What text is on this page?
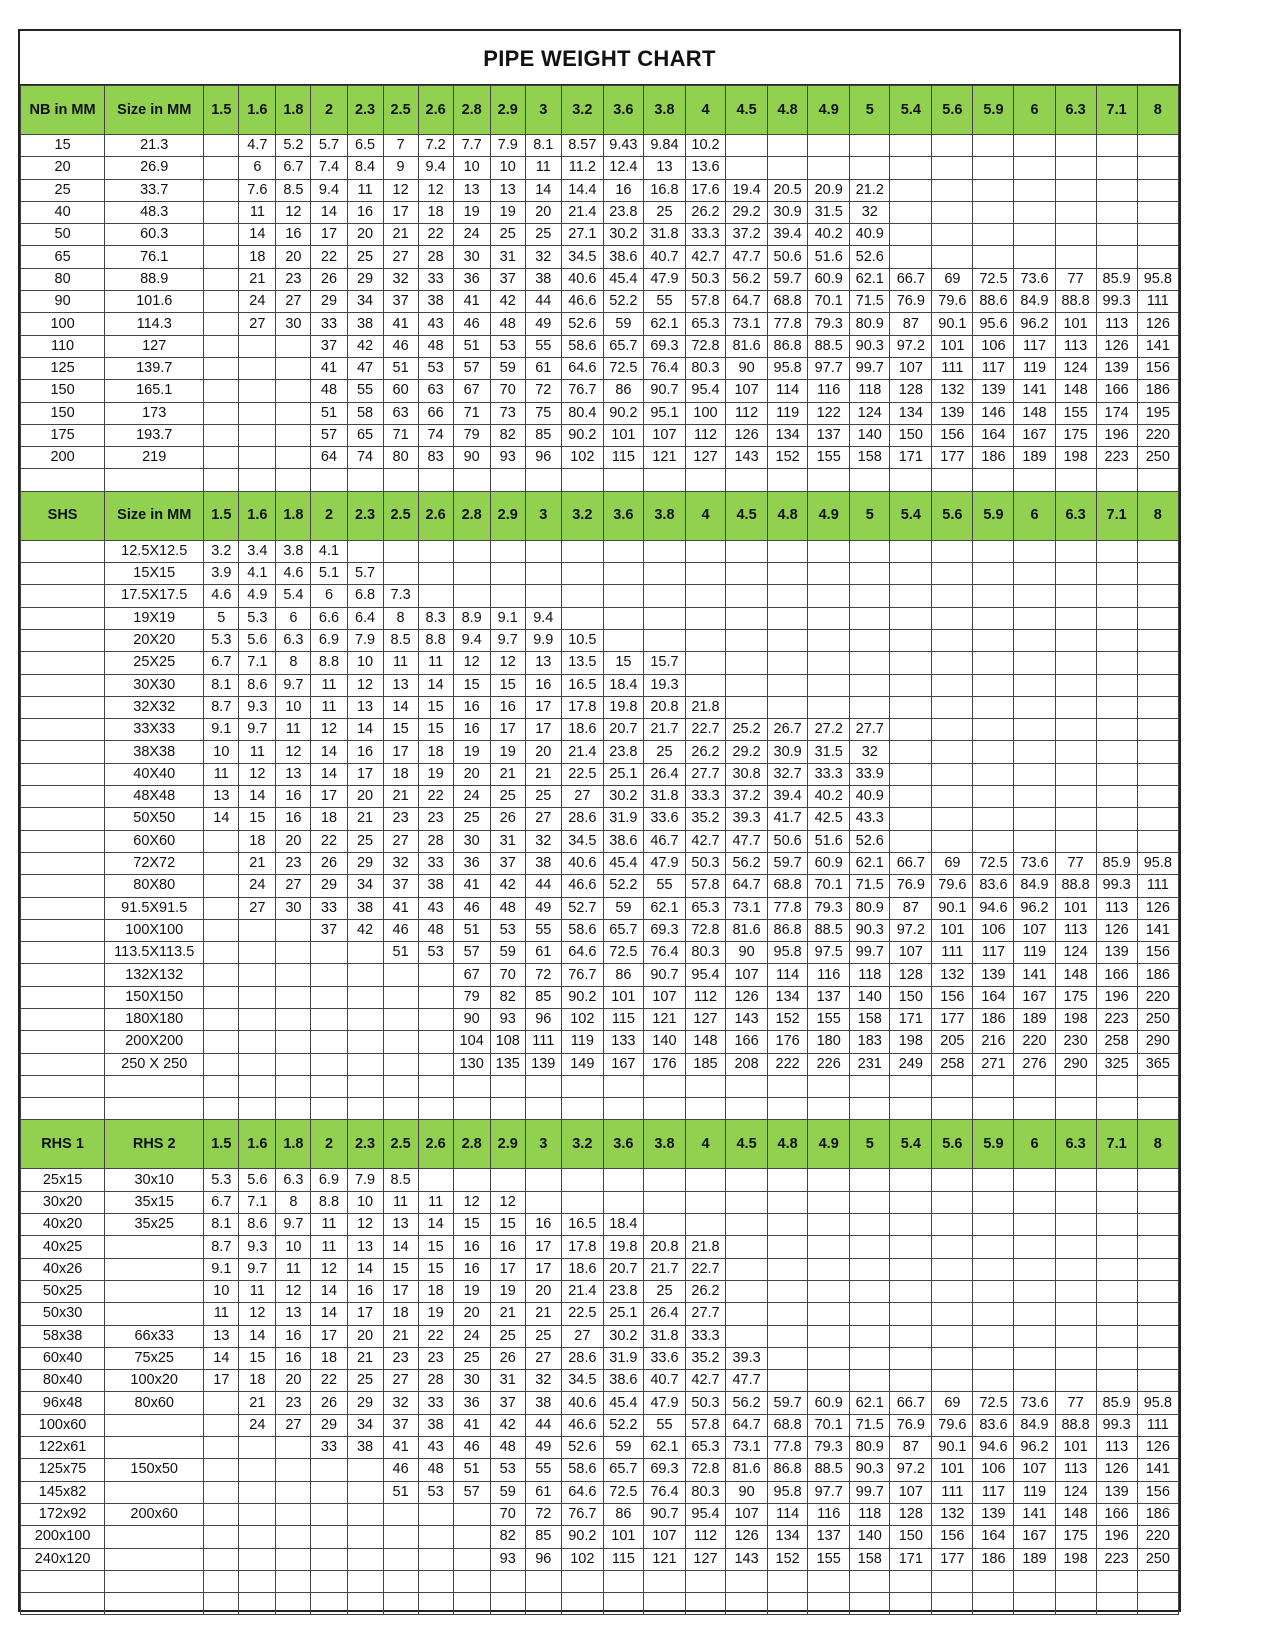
PIPE WEIGHT CHART
NB in MM	Size in MM	1.5	1.6	1.8	2	2.3	2.5	2.6	2.8	2.9	3	3.2	3.6	3.8	4	4.5	4.8	4.9	5	5.4	5.6	5.9	6	6.3	7.1	8
15	21.3		4.7	5.2	5.7	6.5	7	7.2	7.7	7.9	8.1	8.57	9.43	9.84	10.2											
20	26.9		6	6.7	7.4	8.4	9	9.4	10	10	11	11.2	12.4	13	13.6											
25	33.7		7.6	8.5	9.4	11	12	12	13	13	14	14.4	16	16.8	17.6	19.4	20.5	20.9	21.2							
40	48.3		11	12	14	16	17	18	19	19	20	21.4	23.8	25	26.2	29.2	30.9	31.5	32							
50	60.3		14	16	17	20	21	22	24	25	25	27.1	30.2	31.8	33.3	37.2	39.4	40.2	40.9							
65	76.1		18	20	22	25	27	28	30	31	32	34.5	38.6	40.7	42.7	47.7	50.6	51.6	52.6							
80	88.9		21	23	26	29	32	33	36	37	38	40.6	45.4	47.9	50.3	56.2	59.7	60.9	62.1	66.7	69	72.5	73.6	77	85.9	95.8
90	101.6		24	27	29	34	37	38	41	42	44	46.6	52.2	55	57.8	64.7	68.8	70.1	71.5	76.9	79.6	88.6	84.9	88.8	99.3	111
100	114.3		27	30	33	38	41	43	46	48	49	52.6	59	62.1	65.3	73.1	77.8	79.3	80.9	87	90.1	95.6	96.2	101	113	126
110	127				37	42	46	48	51	53	55	58.6	65.7	69.3	72.8	81.6	86.8	88.5	90.3	97.2	101	106	117	113	126	141
125	139.7				41	47	51	53	57	59	61	64.6	72.5	76.4	80.3	90	95.8	97.7	99.7	107	111	117	119	124	139	156
150	165.1				48	55	60	63	67	70	72	76.7	86	90.7	95.4	107	114	116	118	128	132	139	141	148	166	186
150	173				51	58	63	66	71	73	75	80.4	90.2	95.1	100	112	119	122	124	134	139	146	148	155	174	195
175	193.7				57	65	71	74	79	82	85	90.2	101	107	112	126	134	137	140	150	156	164	167	175	196	220
200	219				64	74	80	83	90	93	96	102	115	121	127	143	152	155	158	171	177	186	189	198	223	250

SHS	Size in MM	1.5	1.6	1.8	2	2.3	2.5	2.6	2.8	2.9	3	3.2	3.6	3.8	4	4.5	4.8	4.9	5	5.4	5.6	5.9	6	6.3	7.1	8
	12.5X12.5	3.2	3.4	3.8	4.1																					
	15X15	3.9	4.1	4.6	5.1	5.7																				
	17.5X17.5	4.6	4.9	5.4	6	6.8	7.3																			
	19X19	5	5.3	6	6.6	6.4	8	8.3	8.9	9.1	9.4															
	20X20	5.3	5.6	6.3	6.9	7.9	8.5	8.8	9.4	9.7	9.9	10.5														
	25X25	6.7	7.1	8	8.8	10	11	11	12	12	13	13.5	15	15.7												
	30X30	8.1	8.6	9.7	11	12	13	14	15	15	16	16.5	18.4	19.3												
	32X32	8.7	9.3	10	11	13	14	15	16	16	17	17.8	19.8	20.8	21.8											
	33X33	9.1	9.7	11	12	14	15	15	16	17	17	18.6	20.7	21.7	22.7	25.2	26.7	27.2	27.7							
	38X38	10	11	12	14	16	17	18	19	19	20	21.4	23.8	25	26.2	29.2	30.9	31.5	32							
	40X40	11	12	13	14	17	18	19	20	21	21	22.5	25.1	26.4	27.7	30.8	32.7	33.3	33.9							
	48X48	13	14	16	17	20	21	22	24	25	25	27	30.2	31.8	33.3	37.2	39.4	40.2	40.9							
	50X50	14	15	16	18	21	23	23	25	26	27	28.6	31.9	33.6	35.2	39.3	41.7	42.5	43.3							
	60X60		18	20	22	25	27	28	30	31	32	34.5	38.6	46.7	42.7	47.7	50.6	51.6	52.6							
	72X72		21	23	26	29	32	33	36	37	38	40.6	45.4	47.9	50.3	56.2	59.7	60.9	62.1	66.7	69	72.5	73.6	77	85.9	95.8
	80X80		24	27	29	34	37	38	41	42	44	46.6	52.2	55	57.8	64.7	68.8	70.1	71.5	76.9	79.6	83.6	84.9	88.8	99.3	111
	91.5X91.5		27	30	33	38	41	43	46	48	49	52.7	59	62.1	65.3	73.1	77.8	79.3	80.9	87	90.1	94.6	96.2	101	113	126
	100X100				37	42	46	48	51	53	55	58.6	65.7	69.3	72.8	81.6	86.8	88.5	90.3	97.2	101	106	107	113	126	141
	113.5X113.5						51	53	57	59	61	64.6	72.5	76.4	80.3	90	95.8	97.5	99.7	107	111	117	119	124	139	156
	132X132								67	70	72	76.7	86	90.7	95.4	107	114	116	118	128	132	139	141	148	166	186
	150X150								79	82	85	90.2	101	107	112	126	134	137	140	150	156	164	167	175	196	220
	180X180								90	93	96	102	115	121	127	143	152	155	158	171	177	186	189	198	223	250
	200X200								104	108	111	119	133	140	148	166	176	180	183	198	205	216	220	230	258	290
	250 X 250								130	135	139	149	167	176	185	208	222	226	231	249	258	271	276	290	325	365

RHS 1	RHS 2	1.5	1.6	1.8	2	2.3	2.5	2.6	2.8	2.9	3	3.2	3.6	3.8	4	4.5	4.8	4.9	5	5.4	5.6	5.9	6	6.3	7.1	8
25x15	30x10	5.3	5.6	6.3	6.9	7.9	8.5																			
30x20	35x15	6.7	7.1	8	8.8	10	11	11	12	12																
40x20	35x25	8.1	8.6	9.7	11	12	13	14	15	15	16	16.5	18.4													
40x25		8.7	9.3	10	11	13	14	15	16	16	17	17.8	19.8	20.8	21.8											
40x26		9.1	9.7	11	12	14	15	15	16	17	17	18.6	20.7	21.7	22.7											
50x25		10	11	12	14	16	17	18	19	19	20	21.4	23.8	25	26.2											
50x30		11	12	13	14	17	18	19	20	21	21	22.5	25.1	26.4	27.7											
58x38	66x33	13	14	16	17	20	21	22	24	25	25	27	30.2	31.8	33.3											
60x40	75x25	14	15	16	18	21	23	23	25	26	27	28.6	31.9	33.6	35.2	39.3										
80x40	100x20	17	18	20	22	25	27	28	30	31	32	34.5	38.6	40.7	42.7	47.7										
96x48	80x60		21	23	26	29	32	33	36	37	38	40.6	45.4	47.9	50.3	56.2	59.7	60.9	62.1	66.7	69	72.5	73.6	77	85.9	95.8
100x60			24	27	29	34	37	38	41	42	44	46.6	52.2	55	57.8	64.7	68.8	70.1	71.5	76.9	79.6	83.6	84.9	88.8	99.3	111
122x61					33	38	41	43	46	48	49	52.6	59	62.1	65.3	73.1	77.8	79.3	80.9	87	90.1	94.6	96.2	101	113	126
125x75	150x50						46	48	51	53	55	58.6	65.7	69.3	72.8	81.6	86.8	88.5	90.3	97.2	101	106	107	113	126	141
145x82							51	53	57	59	61	64.6	72.5	76.4	80.3	90	95.8	97.7	99.7	107	111	117	119	124	139	156
172x92	200x60									70	72	76.7	86	90.7	95.4	107	114	116	118	128	132	139	141	148	166	186
200x100										82	85	90.2	101	107	112	126	134	137	140	150	156	164	167	175	196	220
240x120										93	96	102	115	121	127	143	152	155	158	171	177	186	189	198	223	250
